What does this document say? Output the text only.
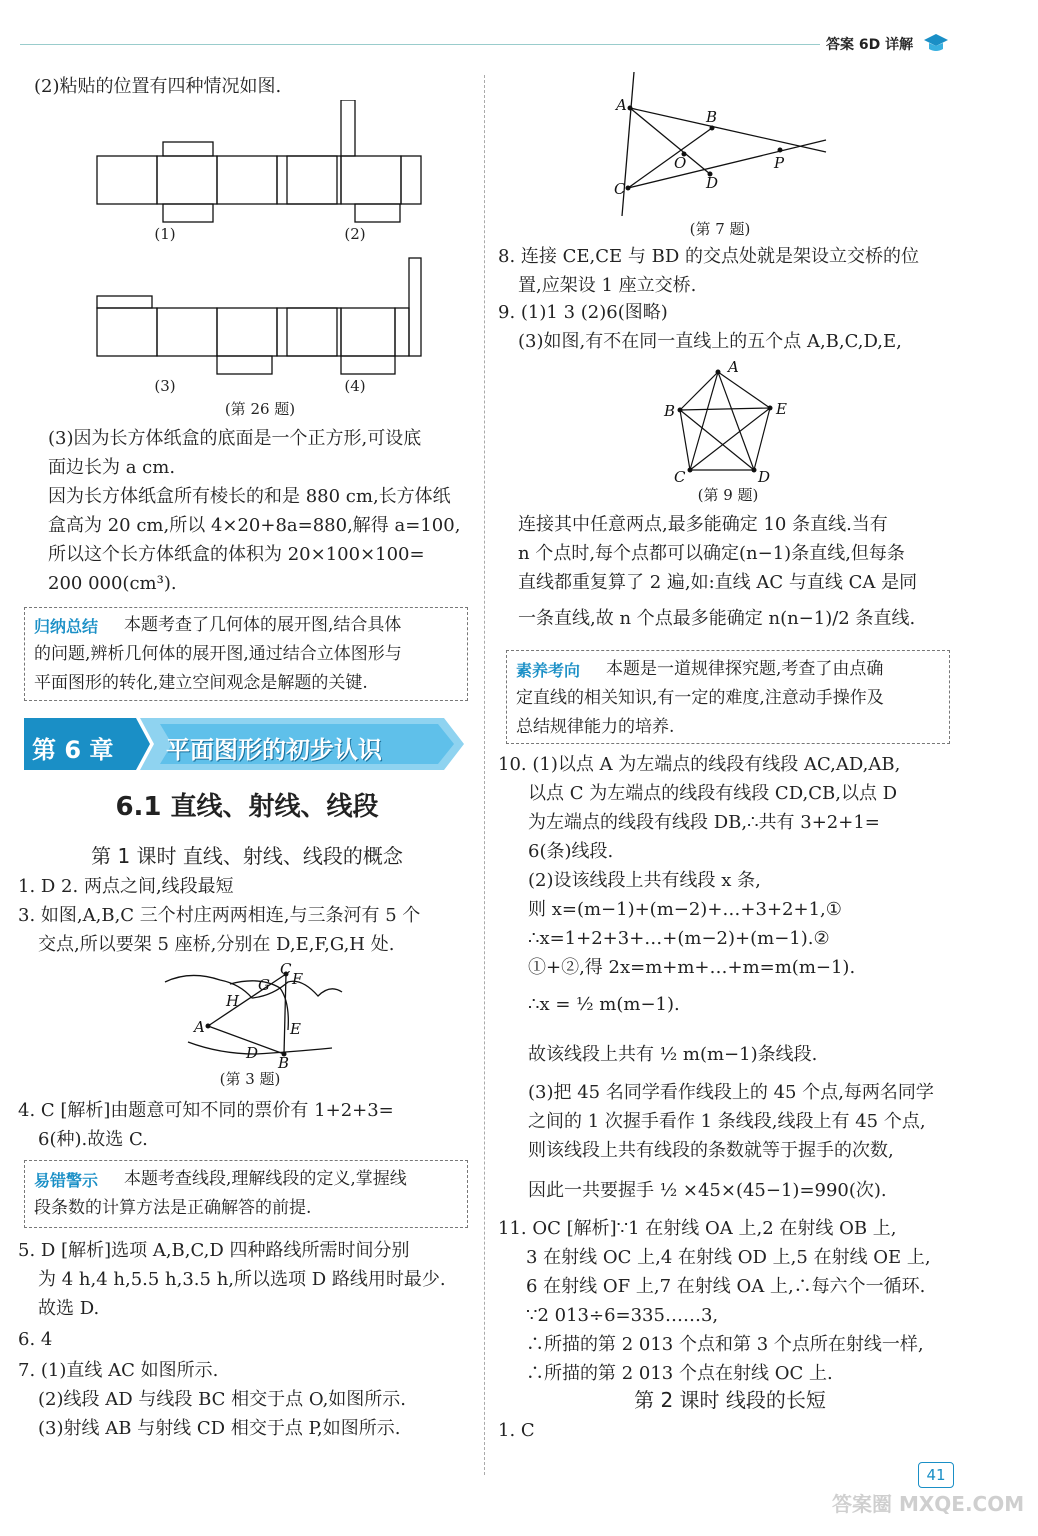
答案 6D 详解
(2)粘贴的位置有四种情况如图.
(1)	(2)
(3)	(4)
(第 26 题)
(3)因为长方体纸盒的底面是一个正方形,可设底
面边长为 a cm.
因为长方体纸盒所有棱长的和是 880 cm,长方体纸
盒高为 20 cm,所以 4×20+8a=880,解得 a=100,
所以这个长方体纸盒的体积为 20×100×100=
200 000(cm³).
归纳总结 本题考查了几何体的展开图,结合具体
的问题,辨析几何体的展开图,通过结合立体图形与
平面图形的转化,建立空间观念是解题的关键.
第 6 章 平面图形的初步认识
6.1 直线、射线、线段
第 1 课时 直线、射线、线段的概念
1. D 2. 两点之间,线段最短
3. 如图,A,B,C 三个村庄两两相连,与三条河有 5 个
交点,所以要架 5 座桥,分别在 D,E,F,G,H 处.
A
B
C
D
E
F
G
H
(第 3 题)
4. C [解析]由题意可知不同的票价有 1+2+3=
6(种).故选 C.
易错警示 本题考查线段,理解线段的定义,掌握线
段条数的计算方法是正确解答的前提.
5. D [解析]选项 A,B,C,D 四种路线所需时间分别
为 4 h,4 h,5.5 h,3.5 h,所以选项 D 路线用时最少.
故选 D.
6. 4
7. (1)直线 AC 如图所示.
(2)线段 AD 与线段 BC 相交于点 O,如图所示.
(3)射线 AB 与射线 CD 相交于点 P,如图所示.
A
B
C	D
O	P
(第 7 题)
8. 连接 CE,CE 与 BD 的交点处就是架设立交桥的位
置,应架设 1 座立交桥.
9. (1)1 3 (2)6(图略)
(3)如图,有不在同一直线上的五个点 A,B,C,D,E,
A
B	E
C	D
(第 9 题)
连接其中任意两点,最多能确定 10 条直线.当有
n 个点时,每个点都可以确定(n−1)条直线,但每条
直线都重复算了 2 遍,如:直线 AC 与直线 CA 是同
一条直线,故 n 个点最多能确定 n(n−1)/2 条直线.
素养考向 本题是一道规律探究题,考查了由点确
定直线的相关知识,有一定的难度,注意动手操作及
总结规律能力的培养.
10. (1)以点 A 为左端点的线段有线段 AC,AD,AB,
以点 C 为左端点的线段有线段 CD,CB,以点 D
为左端点的线段有线段 DB,∴共有 3+2+1=
6(条)线段.
(2)设该线段上共有线段 x 条,
则 x=(m−1)+(m−2)+…+3+2+1,①
∴x=1+2+3+…+(m−2)+(m−1).②
①+②,得 2x=m+m+…+m=m(m−1).
∴x = ½ m(m−1).
故该线段上共有 ½ m(m−1)条线段.
(3)把 45 名同学看作线段上的 45 个点,每两名同学
之间的 1 次握手看作 1 条线段,线段上有 45 个点,
则该线段上共有线段的条数就等于握手的次数,
因此一共要握手 ½ ×45×(45−1)=990(次).
11. OC [解析]∵1 在射线 OA 上,2 在射线 OB 上,
3 在射线 OC 上,4 在射线 OD 上,5 在射线 OE 上,
6 在射线 OF 上,7 在射线 OA 上,∴每六个一循环.
∵2 013÷6=335……3,
∴所描的第 2 013 个点和第 3 个点所在射线一样,
∴所描的第 2 013 个点在射线 OC 上.
第 2 课时 线段的长短
1. C
41
答案圈 MXQE.COM
